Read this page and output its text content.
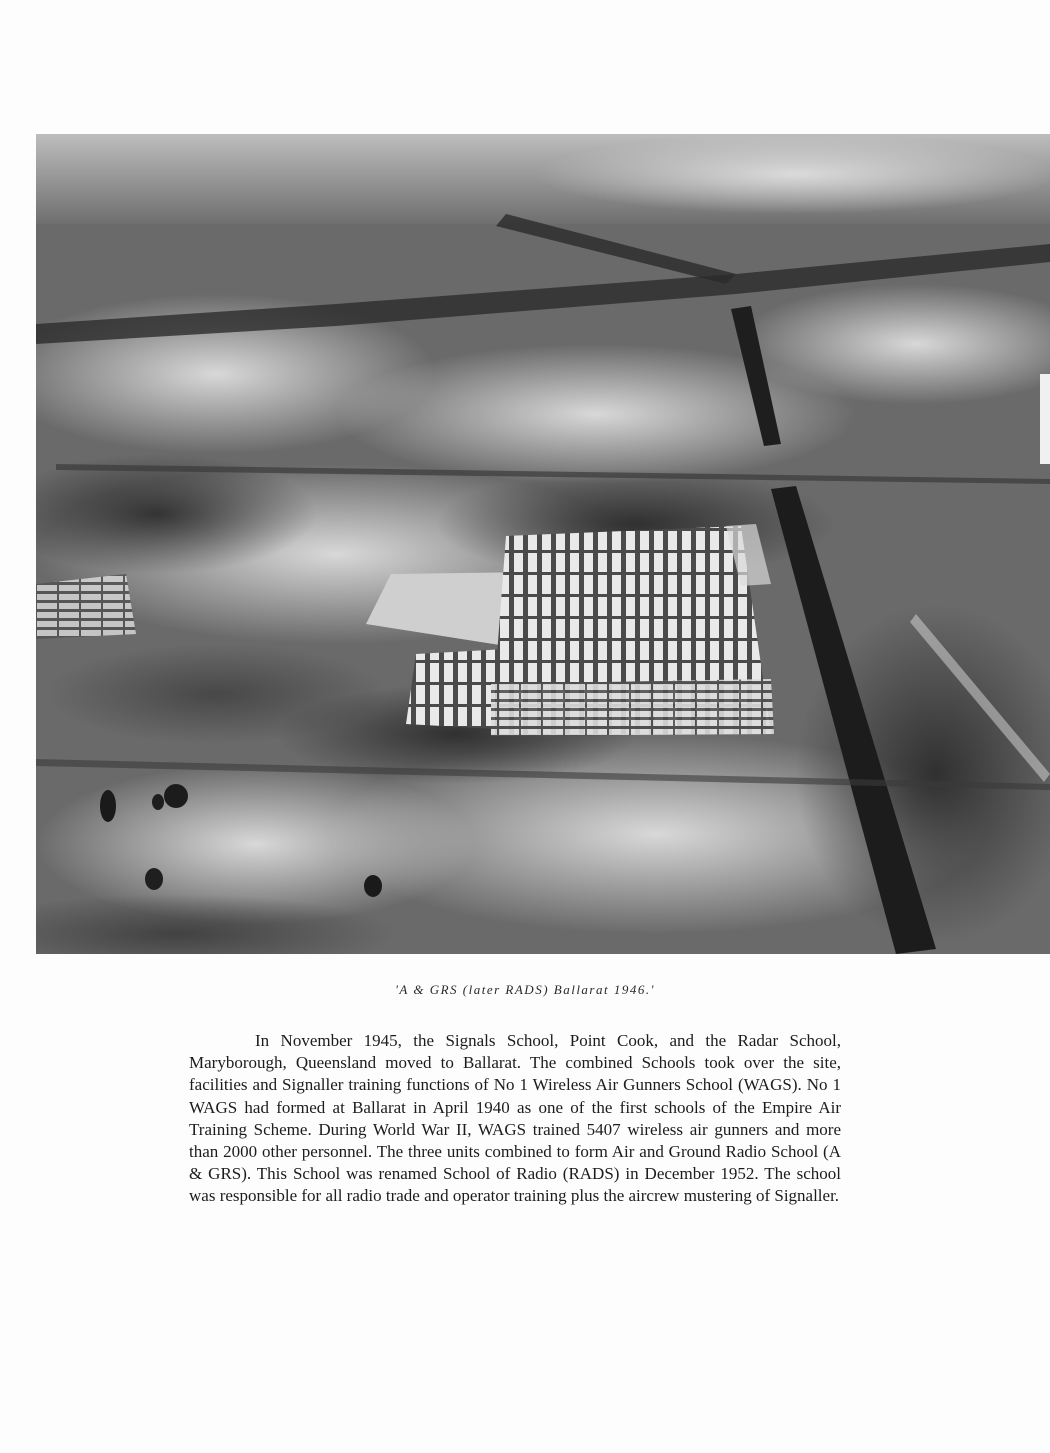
'A & GRS (later RADS) Ballarat 1946.'

In November 1945, the Signals School, Point Cook, and the Radar School, Maryborough, Queensland moved to Ballarat. The combined Schools took over the site, facilities and Signaller training functions of No 1 Wireless Air Gunners School (WAGS). No 1 WAGS had formed at Ballarat in April 1940 as one of the first schools of the Empire Air Training Scheme. During World War II, WAGS trained 5407 wireless air gunners and more than 2000 other personnel. The three units combined to form Air and Ground Radio School (A & GRS). This School was renamed School of Radio (RADS) in December 1952. The school was responsible for all radio trade and operator training plus the aircrew mustering of Signaller.
